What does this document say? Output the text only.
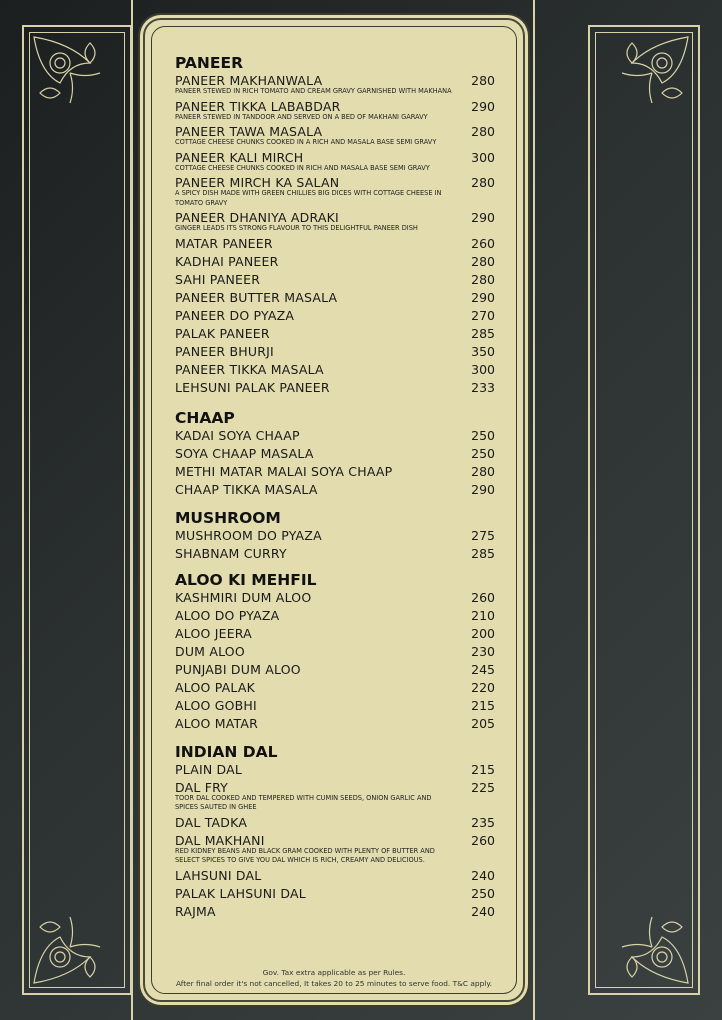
PANEER
PANEER MAKHANWALA	280
PANEER STEWED IN RICH TOMATO AND CREAM GRAVY GARNISHED WITH MAKHANA
PANEER TIKKA LABABDAR	290
PANEER STEWED IN TANDOOR AND SERVED ON A BED OF MAKHANI GARAVY
PANEER TAWA MASALA	280
COTTAGE CHEESE CHUNKS COOKED IN A RICH AND MASALA BASE SEMI GRAVY
PANEER KALI MIRCH	300
COTTAGE CHEESE CHUNKS COOKED IN RICH AND MASALA BASE SEMI GRAVY
PANEER MIRCH KA SALAN	280
A SPICY DISH MADE WITH GREEN CHILLIES BIG DICES WITH COTTAGE CHEESE IN TOMATO GRAVY
PANEER DHANIYA ADRAKI	290
GINGER LEADS ITS STRONG FLAVOUR TO THIS DELIGHTFUL PANEER DISH
MATAR PANEER	260
KADHAI PANEER	280
SAHI PANEER	280
PANEER BUTTER MASALA	290
PANEER DO PYAZA	270
PALAK PANEER	285
PANEER BHURJI	350
PANEER TIKKA MASALA	300
LEHSUNI PALAK PANEER	233
CHAAP
KADAI SOYA CHAAP	250
SOYA CHAAP MASALA	250
METHI MATAR MALAI SOYA CHAAP	280
CHAAP TIKKA MASALA	290
MUSHROOM
MUSHROOM DO PYAZA	275
SHABNAM CURRY	285
ALOO KI MEHFIL
KASHMIRI DUM ALOO	260
ALOO DO PYAZA	210
ALOO JEERA	200
DUM ALOO	230
PUNJABI DUM ALOO	245
ALOO PALAK	220
ALOO GOBHI	215
ALOO MATAR	205
INDIAN DAL
PLAIN DAL	215
DAL FRY	225
TOOR DAL COOKED AND TEMPERED WITH CUMIN SEEDS, ONION GARLIC AND SPICES SAUTED IN GHEE
DAL TADKA	235
DAL MAKHANI	260
RED KIDNEY BEANS AND BLACK GRAM COOKED WITH PLENTY OF BUTTER AND SELECT SPICES TO GIVE YOU DAL WHICH IS RICH, CREAMY AND DELICIOUS.
LAHSUNI DAL	240
PALAK LAHSUNI DAL	250
RAJMA	240
Gov. Tax extra applicable as per Rules.
After final order it's not cancelled, It takes 20 to 25 minutes to serve food. T&C apply.
